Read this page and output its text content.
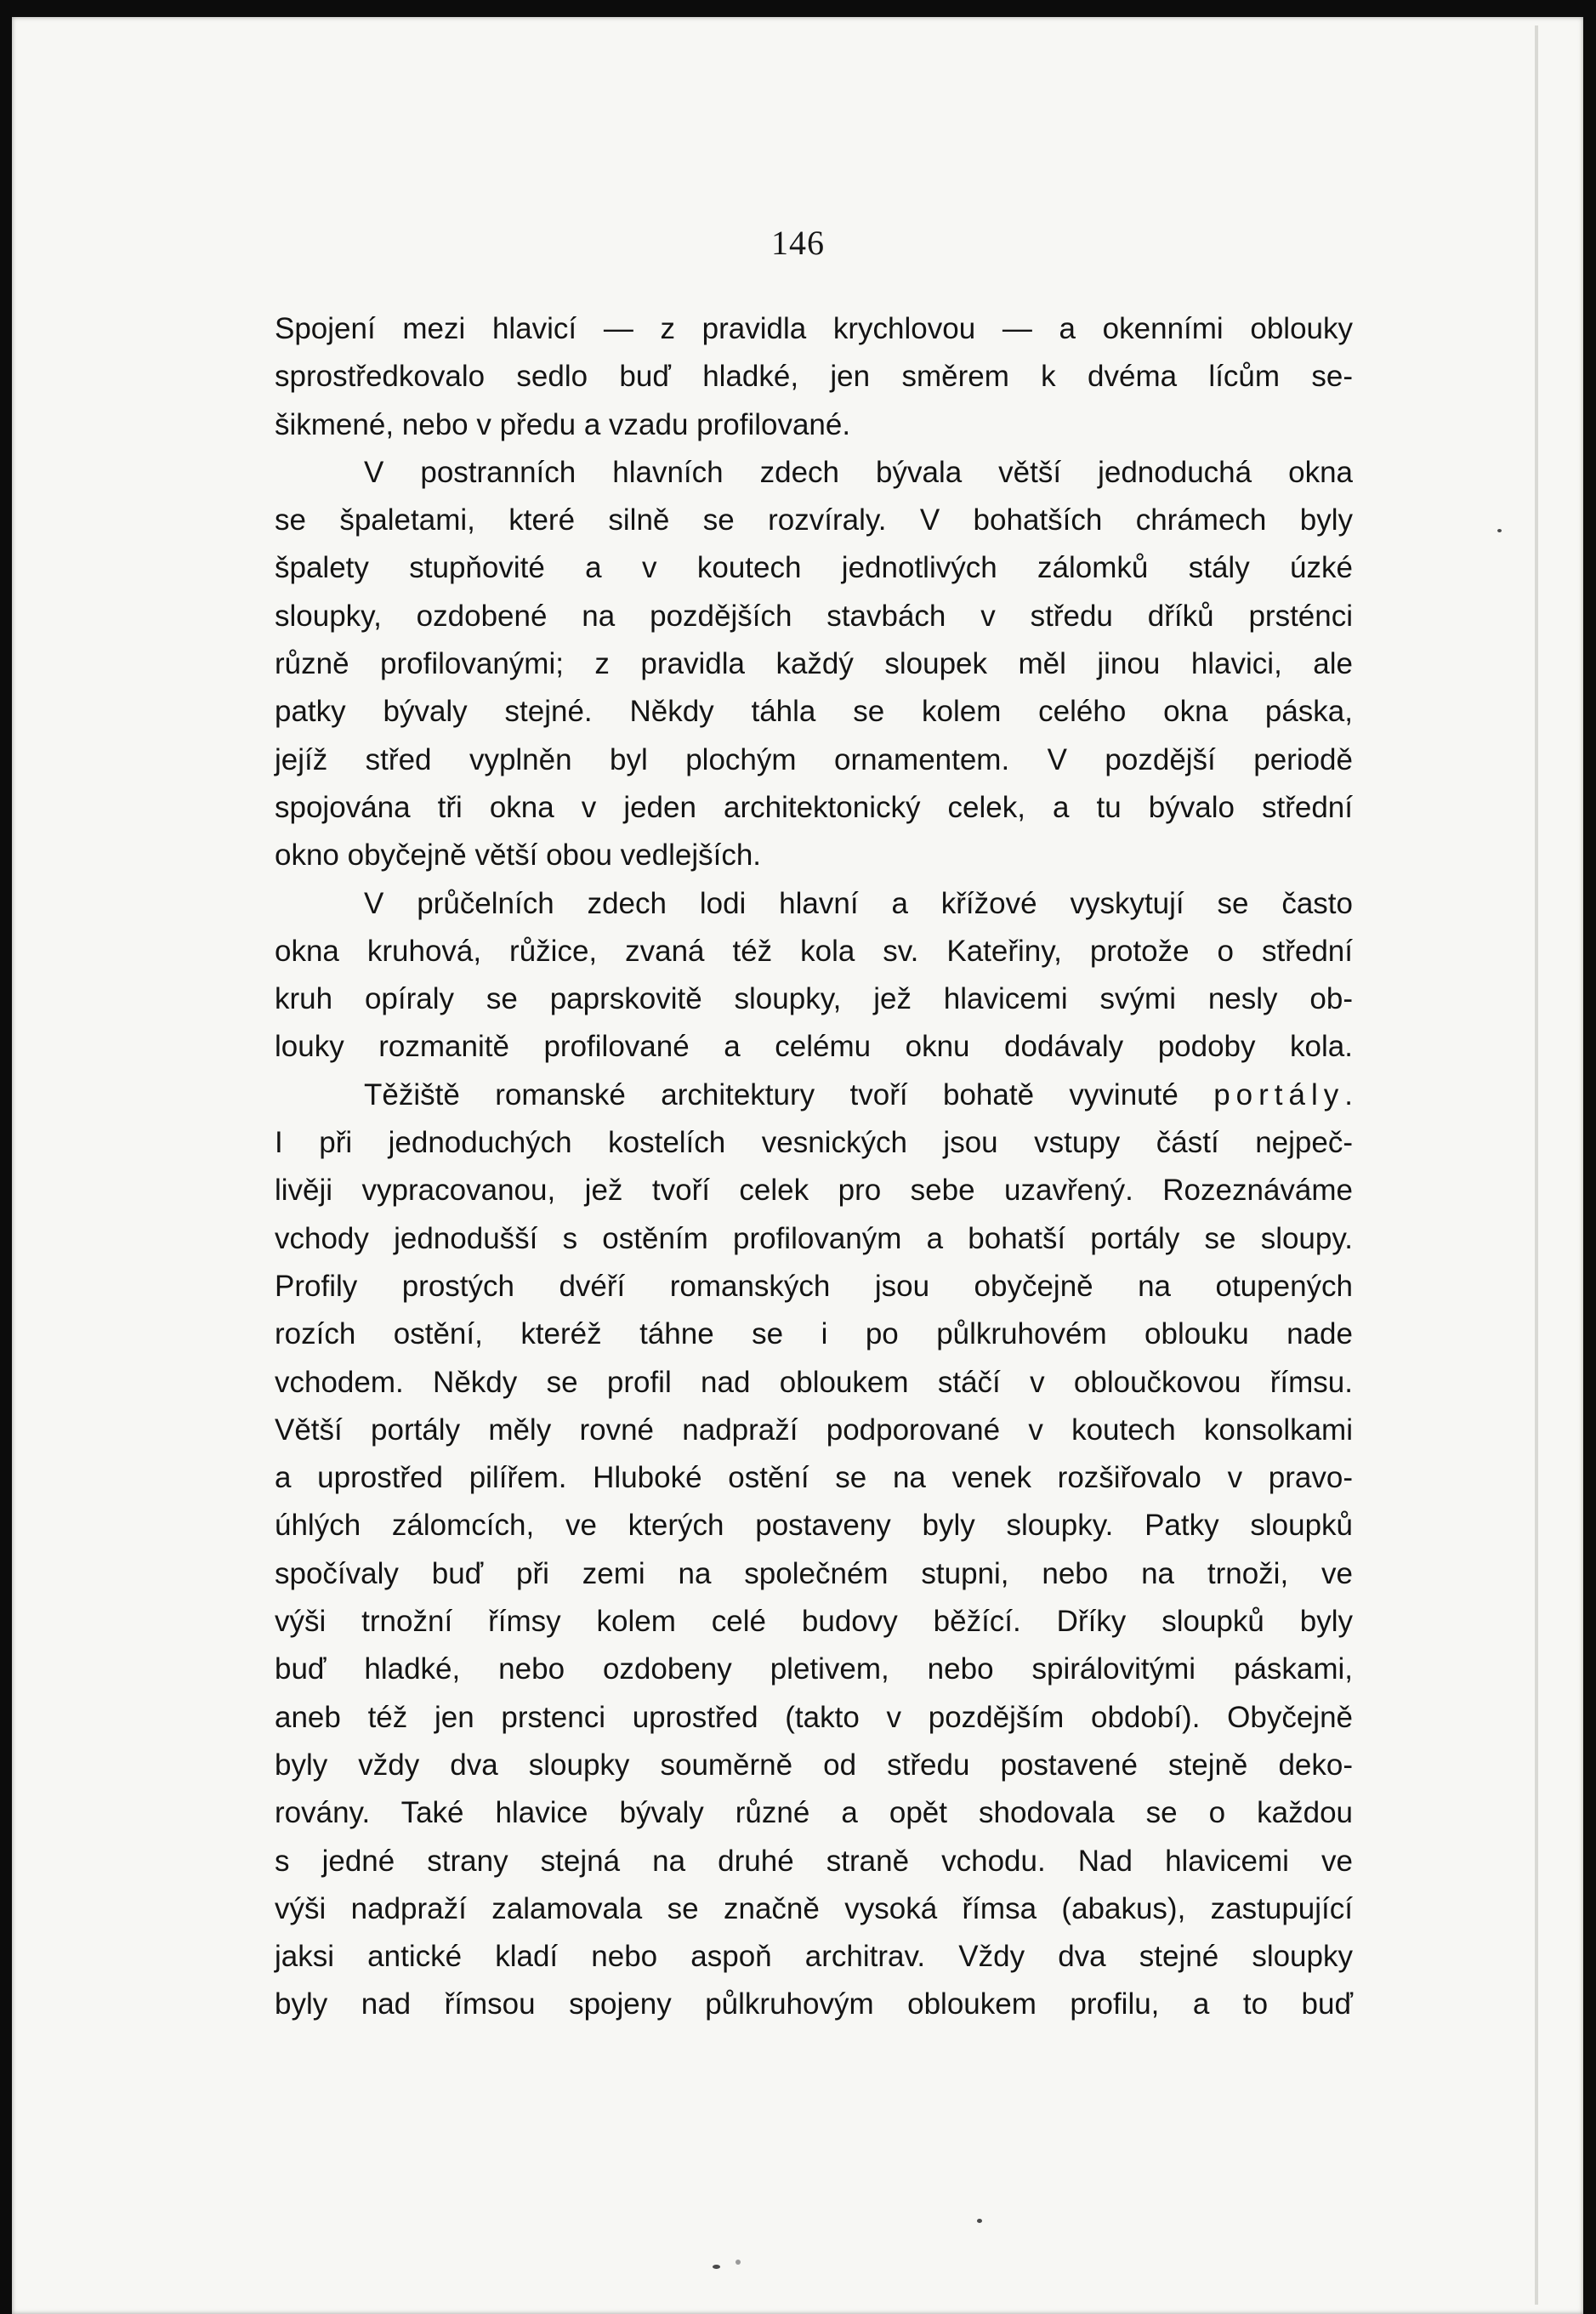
146
Spojení mezi hlavicí — z pravidla krychlovou — a okenními oblouky
sprostředkovalo sedlo buď hladké, jen směrem k dvéma lícům se-
šikmené, nebo v předu a vzadu profilované.
V postranních hlavních zdech bývala větší jednoduchá okna
se špaletami, které silně se rozvíraly. V bohatších chrámech byly
špalety stupňovité a v koutech jednotlivých zálomků stály úzké
sloupky, ozdobené na pozdějších stavbách v středu dříků prsténci
různě profilovanými; z pravidla každý sloupek měl jinou hlavici, ale
patky bývaly stejné. Někdy táhla se kolem celého okna páska,
jejíž střed vyplněn byl plochým ornamentem. V pozdější periodě
spojována tři okna v jeden architektonický celek, a tu bývalo střední
okno obyčejně větší obou vedlejších.
V průčelních zdech lodi hlavní a křížové vyskytují se často
okna kruhová, růžice, zvaná též kola sv. Kateřiny, protože o střední
kruh opíraly se paprskovitě sloupky, jež hlavicemi svými nesly ob-
louky rozmanitě profilované a celému oknu dodávaly podoby kola.
Těžiště romanské architektury tvoří bohatě vyvinuté portály.
I při jednoduchých kostelích vesnických jsou vstupy částí nejpeč-
livěji vypracovanou, jež tvoří celek pro sebe uzavřený. Rozeznáváme
vchody jednodušší s ostěním profilovaným a bohatší portály se sloupy.
Profily prostých dvéří romanských jsou obyčejně na otupených
rozích ostění, kteréž táhne se i po půlkruhovém oblouku nade
vchodem. Někdy se profil nad obloukem stáčí v obloučkovou římsu.
Větší portály měly rovné nadpraží podporované v koutech konsolkami
a uprostřed pilířem. Hluboké ostění se na venek rozšiřovalo v pravo-
úhlých zálomcích, ve kterých postaveny byly sloupky. Patky sloupků
spočívaly buď při zemi na společném stupni, nebo na trnoži, ve
výši trnožní římsy kolem celé budovy běžící. Dříky sloupků byly
buď hladké, nebo ozdobeny pletivem, nebo spirálovitými páskami,
aneb též jen prstenci uprostřed (takto v pozdějším období). Obyčejně
byly vždy dva sloupky souměrně od středu postavené stejně deko-
rovány. Také hlavice bývaly různé a opět shodovala se o každou
s jedné strany stejná na druhé straně vchodu. Nad hlavicemi ve
výši nadpraží zalamovala se značně vysoká římsa (abakus), zastupující
jaksi antické kladí nebo aspoň architrav. Vždy dva stejné sloupky
byly nad římsou spojeny půlkruhovým obloukem profilu, a to buď
